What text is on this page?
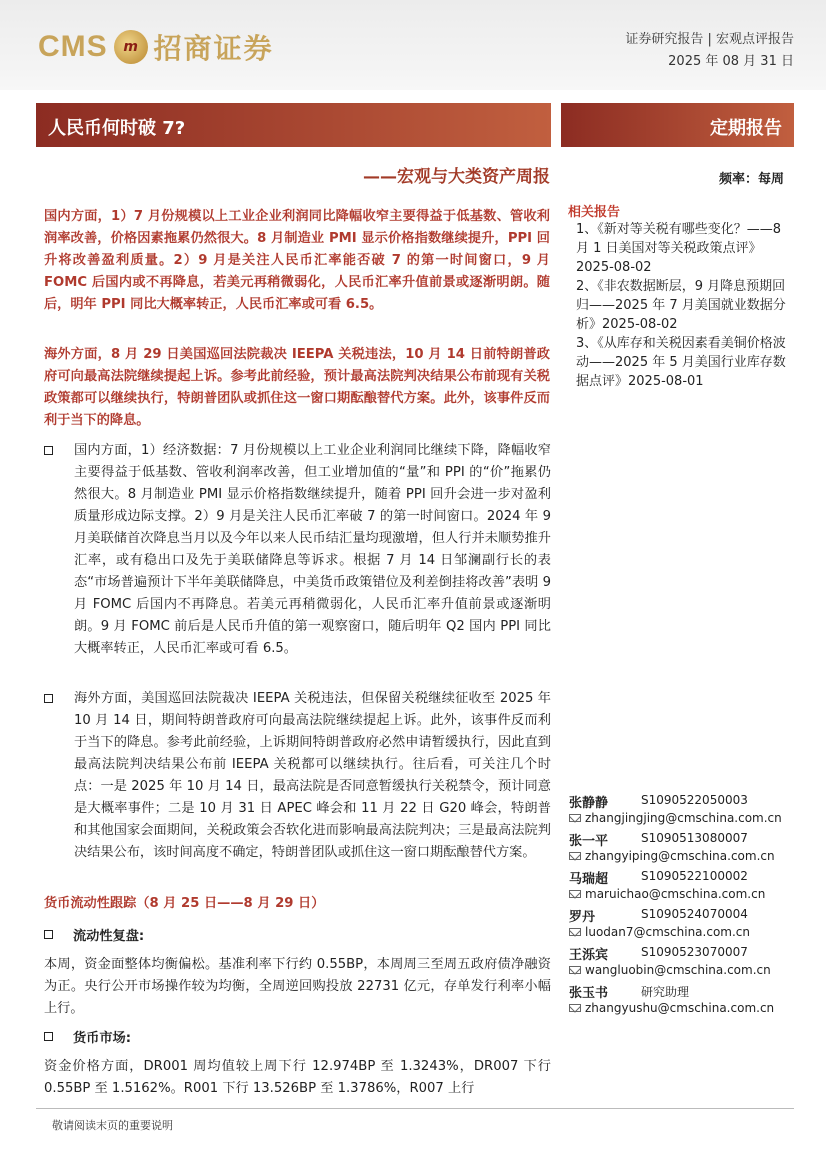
CMS	m 招商证券	证券研究报告 | 宏观点评报告
2025 年 08 月 31 日
人民币何时破 7?
——宏观与大类资产周报
定期报告
频率：每周
相关报告
1、《新对等关税有哪些变化？——8 月 1 日美国对等关税政策点评》2025-08-02
2、《非农数据断层，9 月降息预期回归——2025 年 7 月美国就业数据分析》2025-08-02
3、《从库存和关税因素看美铜价格波动——2025 年 5 月美国行业库存数据点评》2025-08-01
国内方面，1）7 月份规模以上工业企业利润同比降幅收窄主要得益于低基数、管收利润率改善，价格因素拖累仍然很大。8 月制造业 PMI 显示价格指数继续提升，PPI 回升将改善盈利质量。2）9 月是关注人民币汇率能否破 7 的第一时间窗口，9 月 FOMC 后国内或不再降息，若美元再稍微弱化，人民币汇率升值前景或逐渐明朗。随后，明年 PPI 同比大概率转正，人民币汇率或可看 6.5。
海外方面，8 月 29 日美国巡回法院裁决 IEEPA 关税违法，10 月 14 日前特朗普政府可向最高法院继续提起上诉。参考此前经验，预计最高法院判决结果公布前现有关税政策都可以继续执行，特朗普团队或抓住这一窗口期酝酿替代方案。此外，该事件反而利于当下的降息。
国内方面，1）经济数据：7 月份规模以上工业企业利润同比继续下降，降幅收窄主要得益于低基数、管收利润率改善，但工业增加值的“量”和 PPI 的“价”拖累仍然很大。8 月制造业 PMI 显示价格指数继续提升，随着 PPI 回升会进一步对盈利质量形成边际支撑。2）9 月是关注人民币汇率破 7 的第一时间窗口。2024 年 9 月美联储首次降息当月以及今年以来人民币结汇量均现激增，但人行并未顺势推升汇率，或有稳出口及先于美联储降息等诉求。根据 7 月 14 日邹澜副行长的表态“市场普遍预计下半年美联储降息，中美货币政策错位及利差倒挂将改善”表明 9 月 FOMC 后国内不再降息。若美元再稍微弱化，人民币汇率升值前景或逐渐明朗。9 月 FOMC 前后是人民币升值的第一观察窗口，随后明年 Q2 国内 PPI 同比大概率转正，人民币汇率或可看 6.5。
海外方面，美国巡回法院裁决 IEEPA 关税违法，但保留关税继续征收至 2025 年 10 月 14 日，期间特朗普政府可向最高法院继续提起上诉。此外，该事件反而利于当下的降息。参考此前经验，上诉期间特朗普政府必然申请暂缓执行，因此直到最高法院判决结果公布前 IEEPA 关税都可以继续执行。往后看，可关注几个时点：一是 2025 年 10 月 14 日，最高法院是否同意暂缓执行关税禁令，预计同意是大概率事件；二是 10 月 31 日 APEC 峰会和 11 月 22 日 G20 峰会，特朗普和其他国家会面期间，关税政策会否软化进而影响最高法院判决；三是最高法院判决结果公布，该时间高度不确定，特朗普团队或抓住这一窗口期酝酿替代方案。
货币流动性跟踪（8 月 25 日——8 月 29 日）
流动性复盘:
本周，资金面整体均衡偏松。基准利率下行约 0.55BP，本周周三至周五政府债净融资为正。央行公开市场操作较为均衡，全周逆回购投放 22731 亿元，存单发行利率小幅上行。
货币市场:
资金价格方面，DR001 周均值较上周下行 12.974BP 至 1.3243%，DR007 下行 0.55BP 至 1.5162%。R001 下行 13.526BP 至 1.3786%，R007 上行
张静静	S1090522050003
zhangjingjing@cmschina.com.cn
张一平	S1090513080007
zhangyiping@cmschina.com.cn
马瑞超	S1090522100002
maruichao@cmschina.com.cn
罗丹	S1090524070004
luodan7@cmschina.com.cn
王泺宾	S1090523070007
wangluobin@cmschina.com.cn
张玉书	研究助理
zhangyushu@cmschina.com.cn
敬请阅读末页的重要说明
